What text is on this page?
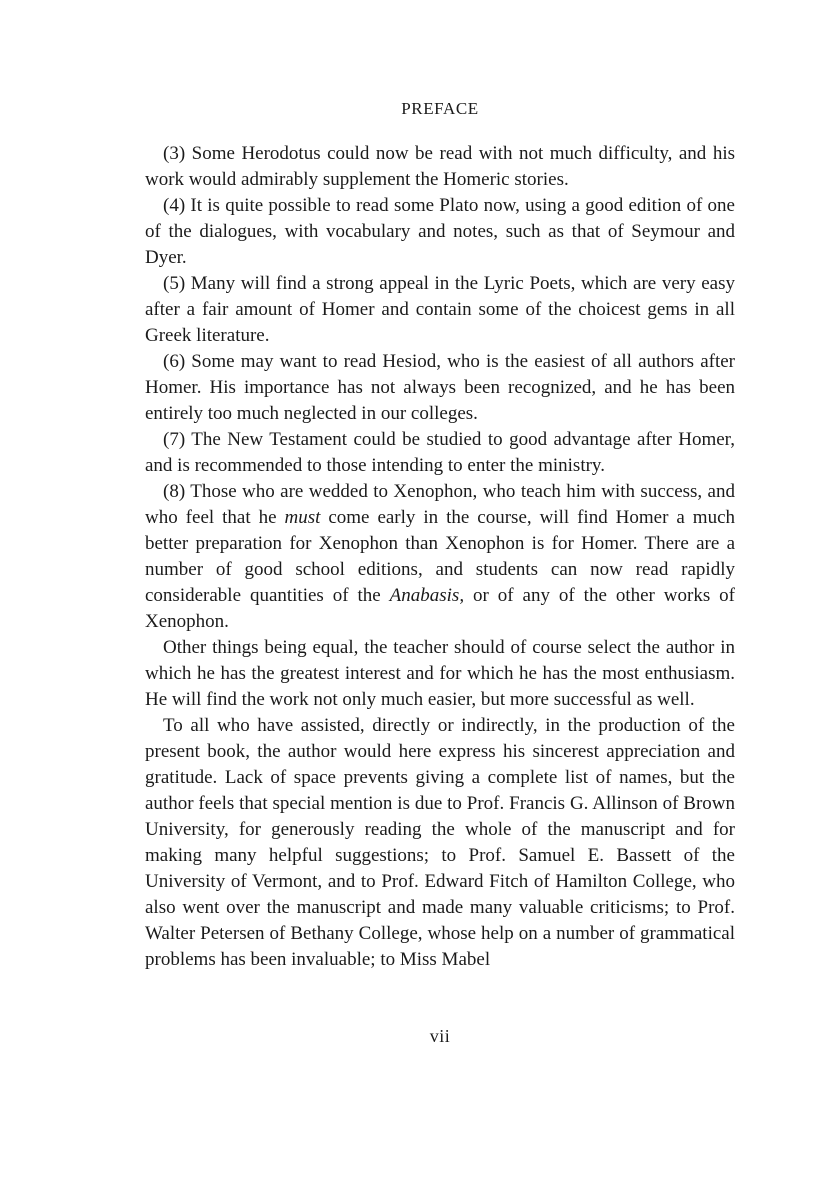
PREFACE

(3) Some Herodotus could now be read with not much difficulty, and his work would admirably supplement the Homeric stories.

(4) It is quite possible to read some Plato now, using a good edition of one of the dialogues, with vocabulary and notes, such as that of Seymour and Dyer.

(5) Many will find a strong appeal in the Lyric Poets, which are very easy after a fair amount of Homer and contain some of the choicest gems in all Greek literature.

(6) Some may want to read Hesiod, who is the easiest of all authors after Homer. His importance has not always been recognized, and he has been entirely too much neglected in our colleges.

(7) The New Testament could be studied to good advantage after Homer, and is recommended to those intending to enter the ministry.

(8) Those who are wedded to Xenophon, who teach him with success, and who feel that he must come early in the course, will find Homer a much better preparation for Xenophon than Xenophon is for Homer. There are a number of good school editions, and students can now read rapidly considerable quantities of the Anabasis, or of any of the other works of Xenophon.

Other things being equal, the teacher should of course select the author in which he has the greatest interest and for which he has the most enthusiasm. He will find the work not only much easier, but more successful as well.

To all who have assisted, directly or indirectly, in the production of the present book, the author would here express his sincerest appreciation and gratitude. Lack of space prevents giving a complete list of names, but the author feels that special mention is due to Prof. Francis G. Allinson of Brown University, for generously reading the whole of the manuscript and for making many helpful suggestions; to Prof. Samuel E. Bassett of the University of Vermont, and to Prof. Edward Fitch of Hamilton College, who also went over the manuscript and made many valuable criticisms; to Prof. Walter Petersen of Bethany College, whose help on a number of grammatical problems has been invaluable; to Miss Mabel

vii
